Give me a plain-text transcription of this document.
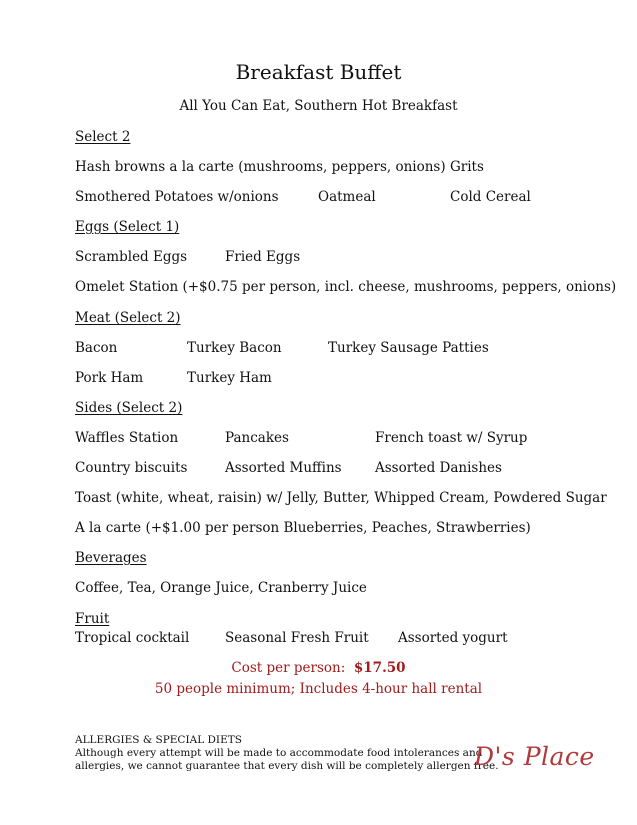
Breakfast Buffet
All You Can Eat, Southern Hot Breakfast
Select 2
Hash browns a la carte (mushrooms, peppers, onions) Grits
Smothered Potatoes w/onions	Oatmeal	Cold Cereal
Eggs (Select 1)
Scrambled Eggs	Fried Eggs
Omelet Station (+$0.75 per person, incl. cheese, mushrooms, peppers, onions)
Meat (Select 2)
Bacon	Turkey Bacon	Turkey Sausage Patties
Pork Ham	Turkey Ham
Sides (Select 2)
Waffles Station	Pancakes	French toast w/ Syrup
Country biscuits	Assorted Muffins Assorted Danishes
Toast (white, wheat, raisin) w/ Jelly, Butter, Whipped Cream, Powdered Sugar
A la carte (+$1.00 per person Blueberries, Peaches, Strawberries)
Beverages
Coffee, Tea, Orange Juice, Cranberry Juice
Fruit
Tropical cocktail	Seasonal Fresh Fruit Assorted yogurt
Cost per person: $17.50
50 people minimum; Includes 4-hour hall rental
ALLERGIES & SPECIAL DIETS
Although every attempt will be made to accommodate food intolerances and
allergies, we cannot guarantee that every dish will be completely allergen free.
D's Place
